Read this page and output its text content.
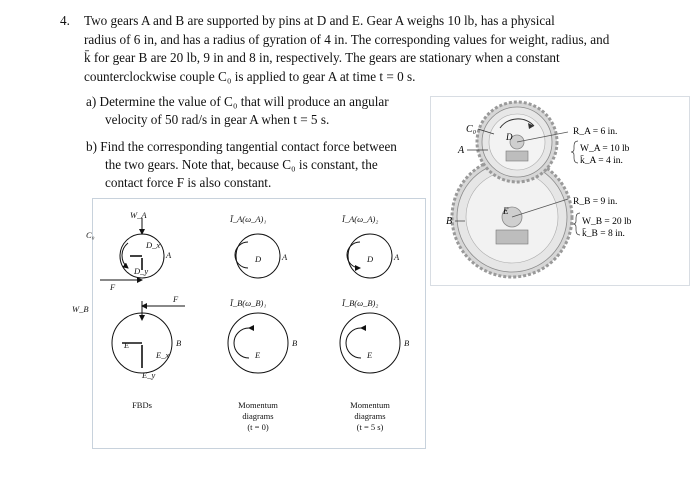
4. Two gears A and B are supported by pins at D and E. Gear A weighs 10 lb, has a physical
radius of 6 in, and has a radius of gyration of 4 in. The corresponding values for weight, radius, and
k̄ for gear B are 20 lb, 9 in and 8 in, respectively. The gears are stationary when a constant
counterclockwise couple C₀ is applied to gear A at time t = 0 s.
a) Determine the value of C₀ that will produce an angular
velocity of 50 rad/s in gear A when t = 5 s.
b) Find the corresponding tangential contact force between
the two gears. Note that, because C₀ is constant, the
contact force F is also constant.
C₀
A
D
B
E
R_A = 6 in.
W_A = 10 lb
k̄_A = 4 in.
R_B = 9 in.
W_B = 20 lb
k̄_B = 8 in.
W_A
C₀
D_x
D_y
A
F
F
W_B
E
E_x
E_y
B
Ī_A(ω_A)₁	Ī_A(ω_A)₂
Ī_B(ω_B)₁	Ī_B(ω_B)₂
D	D
A	A
E	E
B	B
FBDs	Momentum
diagrams
(t = 0)
Momentum
diagrams
(t = 5 s)
